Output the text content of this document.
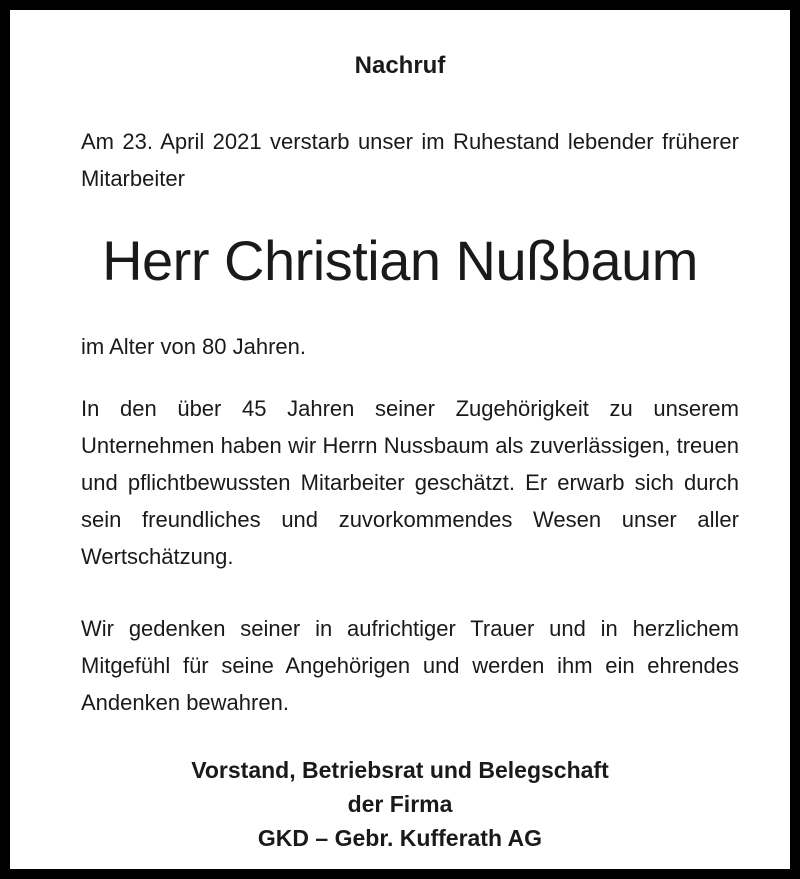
Nachruf
Am 23. April 2021 verstarb unser im Ruhestand lebender früherer Mitarbeiter
Herr Christian Nußbaum
im Alter von 80 Jahren.
In den über 45 Jahren seiner Zugehörigkeit zu unserem Unternehmen haben wir Herrn Nussbaum als zuverlässigen, treuen und pflichtbewussten Mitarbeiter geschätzt. Er erwarb sich durch sein freundliches und zuvorkommendes Wesen unser aller Wertschätzung.
Wir gedenken seiner in aufrichtiger Trauer und in herzlichem Mitgefühl für seine Angehörigen und werden ihm ein ehrendes Andenken bewahren.
Vorstand, Betriebsrat und Belegschaft
der Firma
GKD – Gebr. Kufferath AG
